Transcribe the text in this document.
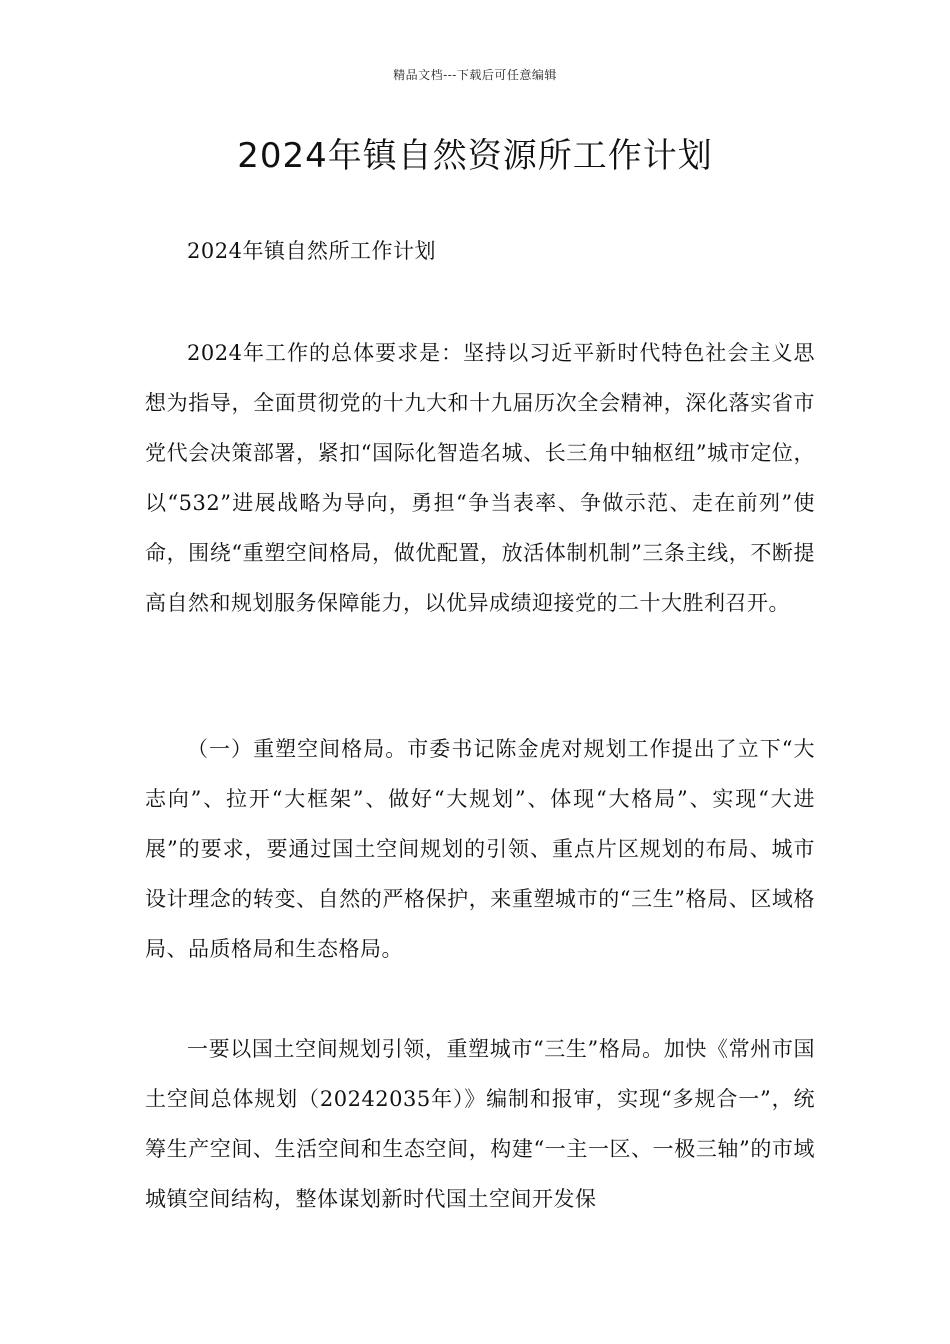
精品文档---下载后可任意编辑
2024年镇自然资源所工作计划

2024年镇自然所工作计划

2024年工作的总体要求是：坚持以习近平新时代特色社会主义思想为指导，全面贯彻党的十九大和十九届历次全会精神，深化落实省市党代会决策部署，紧扣“国际化智造名城、长三角中轴枢纽”城市定位，以“532”进展战略为导向，勇担“争当表率、争做示范、走在前列”使命，围绕“重塑空间格局，做优配置，放活体制机制”三条主线，不断提高自然和规划服务保障能力，以优异成绩迎接党的二十大胜利召开。

（一）重塑空间格局。市委书记陈金虎对规划工作提出了立下“大志向”、拉开“大框架”、做好“大规划”、体现“大格局”、实现“大进展”的要求，要通过国土空间规划的引领、重点片区规划的布局、城市设计理念的转变、自然的严格保护，来重塑城市的“三生”格局、区域格局、品质格局和生态格局。

一要以国土空间规划引领，重塑城市“三生”格局。加快《常州市国土空间总体规划（20242035年）》编制和报审，实现“多规合一”，统筹生产空间、生活空间和生态空间，构建“一主一区、一极三轴”的市域城镇空间结构，整体谋划新时代国土空间开发保
